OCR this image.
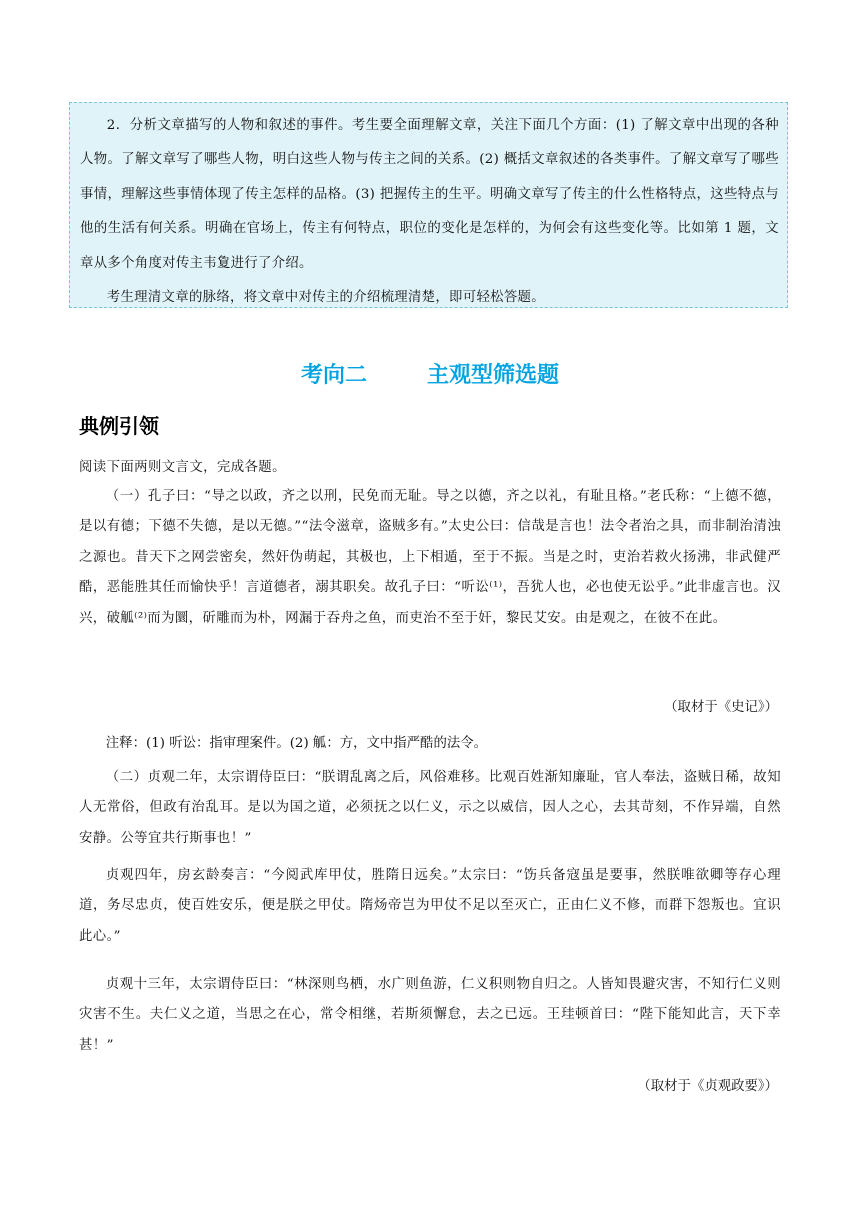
2．分析文章描写的人物和叙述的事件。考生要全面理解文章，关注下面几个方面：(1) 了解文章中出现的各种人物。了解文章写了哪些人物，明白这些人物与传主之间的关系。(2) 概括文章叙述的各类事件。了解文章写了哪些事情，理解这些事情体现了传主怎样的品格。(3) 把握传主的生平。明确文章写了传主的什么性格特点，这些特点与他的生活有何关系。明确在官场上，传主有何特点，职位的变化是怎样的，为何会有这些变化等。比如第 1 题，文章从多个角度对传主韦夐进行了介绍。

考生理清文章的脉络，将文章中对传主的介绍梳理清楚，即可轻松答题。

考向二	主观型筛选题
典例引领
阅读下面两则文言文，完成各题。

（一）孔子曰：“导之以政，齐之以刑，民免而无耻。导之以德，齐之以礼，有耻且格。”老氏称：“上德不德，是以有德；下德不失德，是以无德。”“法令滋章，盗贼多有。”太史公曰：信哉是言也！法令者治之具，而非制治清浊之源也。昔天下之网尝密矣，然奸伪萌起，其极也，上下相遁，至于不振。当是之时，吏治若救火扬沸，非武健严酷，恶能胜其任而愉快乎！言道德者，溺其职矣。故孔子曰：“听讼⁽¹⁾，吾犹人也，必也使无讼乎。”此非虚言也。汉兴，破觚⁽²⁾而为圜，斫雕而为朴，网漏于吞舟之鱼，而吏治不至于奸，黎民艾安。由是观之，在彼不在此。

（取材于《史记》）
注释：(1) 听讼：指审理案件。(2) 觚：方，文中指严酷的法令。

（二）贞观二年，太宗谓侍臣曰：“朕谓乱离之后，风俗难移。比观百姓渐知廉耻，官人奉法，盗贼日稀，故知人无常俗，但政有治乱耳。是以为国之道，必须抚之以仁义，示之以威信，因人之心，去其苛刻，不作异端，自然安静。公等宜共行斯事也！”

贞观四年，房玄龄奏言：“今阅武库甲仗，胜隋日远矣。”太宗曰：“饬兵备寇虽是要事，然朕唯欲卿等存心理道，务尽忠贞，使百姓安乐，便是朕之甲仗。隋炀帝岂为甲仗不足以至灭亡，正由仁义不修，而群下怨叛也。宜识此心。”

贞观十三年，太宗谓侍臣曰：“林深则鸟栖，水广则鱼游，仁义积则物自归之。人皆知畏避灾害，不知行仁义则灾害不生。夫仁义之道，当思之在心，常令相继，若斯须懈怠，去之已远。王珪顿首曰：“陛下能知此言，天下幸甚！”

（取材于《贞观政要》）
